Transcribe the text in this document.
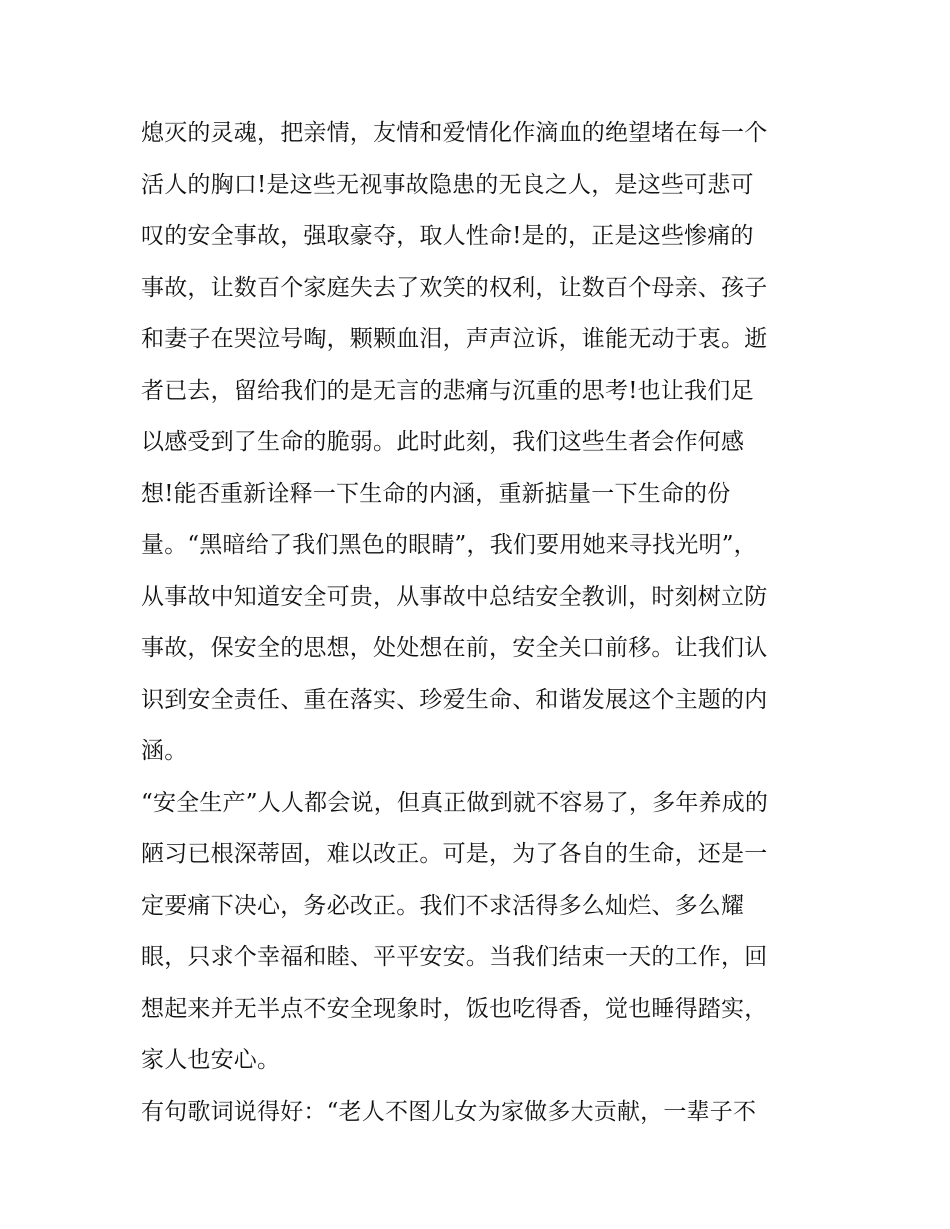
熄灭的灵魂，把亲情，友情和爱情化作滴血的绝望堵在每一个
活人的胸口!是这些无视事故隐患的无良之人，是这些可悲可
叹的安全事故，强取豪夺，取人性命!是的，正是这些惨痛的
事故，让数百个家庭失去了欢笑的权利，让数百个母亲、孩子
和妻子在哭泣号啕，颗颗血泪，声声泣诉，谁能无动于衷。逝
者已去，留给我们的是无言的悲痛与沉重的思考!也让我们足
以感受到了生命的脆弱。此时此刻，我们这些生者会作何感
想!能否重新诠释一下生命的内涵，重新掂量一下生命的份
量。“黑暗给了我们黑色的眼睛”，我们要用她来寻找光明”，
从事故中知道安全可贵，从事故中总结安全教训，时刻树立防
事故，保安全的思想，处处想在前，安全关口前移。让我们认
识到安全责任、重在落实、珍爱生命、和谐发展这个主题的内
涵。
“安全生产”人人都会说，但真正做到就不容易了，多年养成的
陋习已根深蒂固，难以改正。可是，为了各自的生命，还是一
定要痛下决心，务必改正。我们不求活得多么灿烂、多么耀
眼，只求个幸福和睦、平平安安。当我们结束一天的工作，回
想起来并无半点不安全现象时，饭也吃得香，觉也睡得踏实，
家人也安心。
有句歌词说得好：“老人不图儿女为家做多大贡献，一辈子不
